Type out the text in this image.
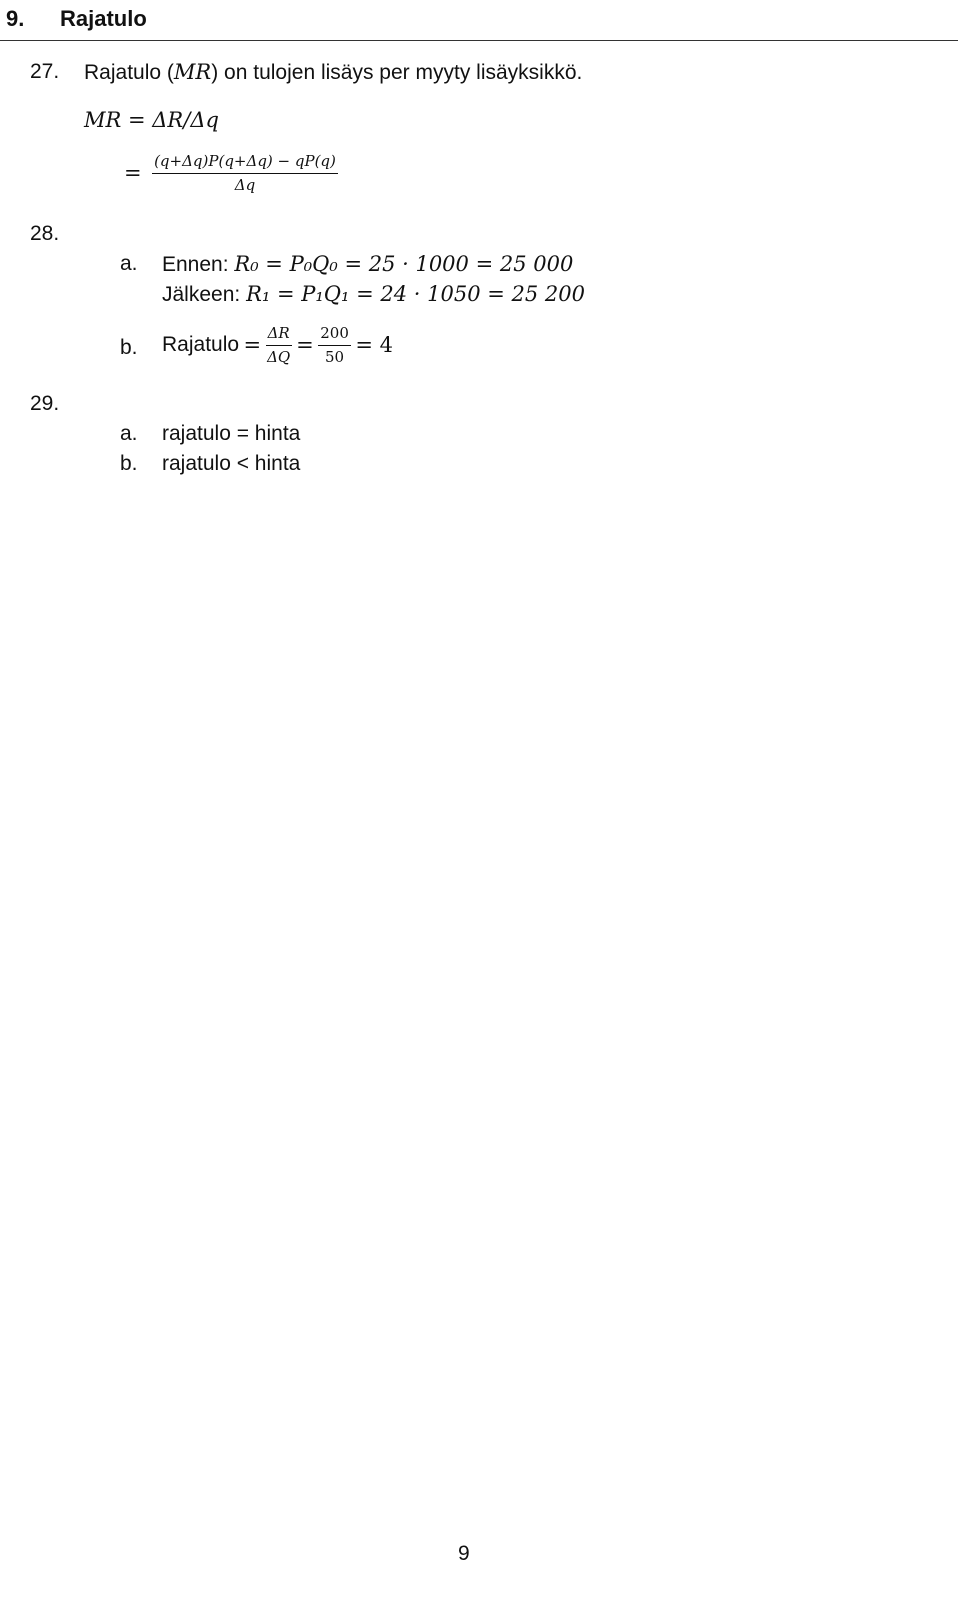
9. Rajatulo
27. Rajatulo (MR) on tulojen lisäys per myyty lisäyksikkö.
MR = ΔR/Δq
= $\frac{(q+\Delta q)P(q+\Delta q) - qP(q)}{\Delta q}$
28.
a. Ennen: R₀ = P₀Q₀ = 25 · 1000 = 25 000
Jälkeen: R₁ = P₁Q₁ = 24 · 1050 = 25 200
b. Rajatulo = $\frac{\Delta R}{\Delta Q} = \frac{200}{50} = 4$
29.
a. rajatulo = hinta
b. rajatulo < hinta
9
